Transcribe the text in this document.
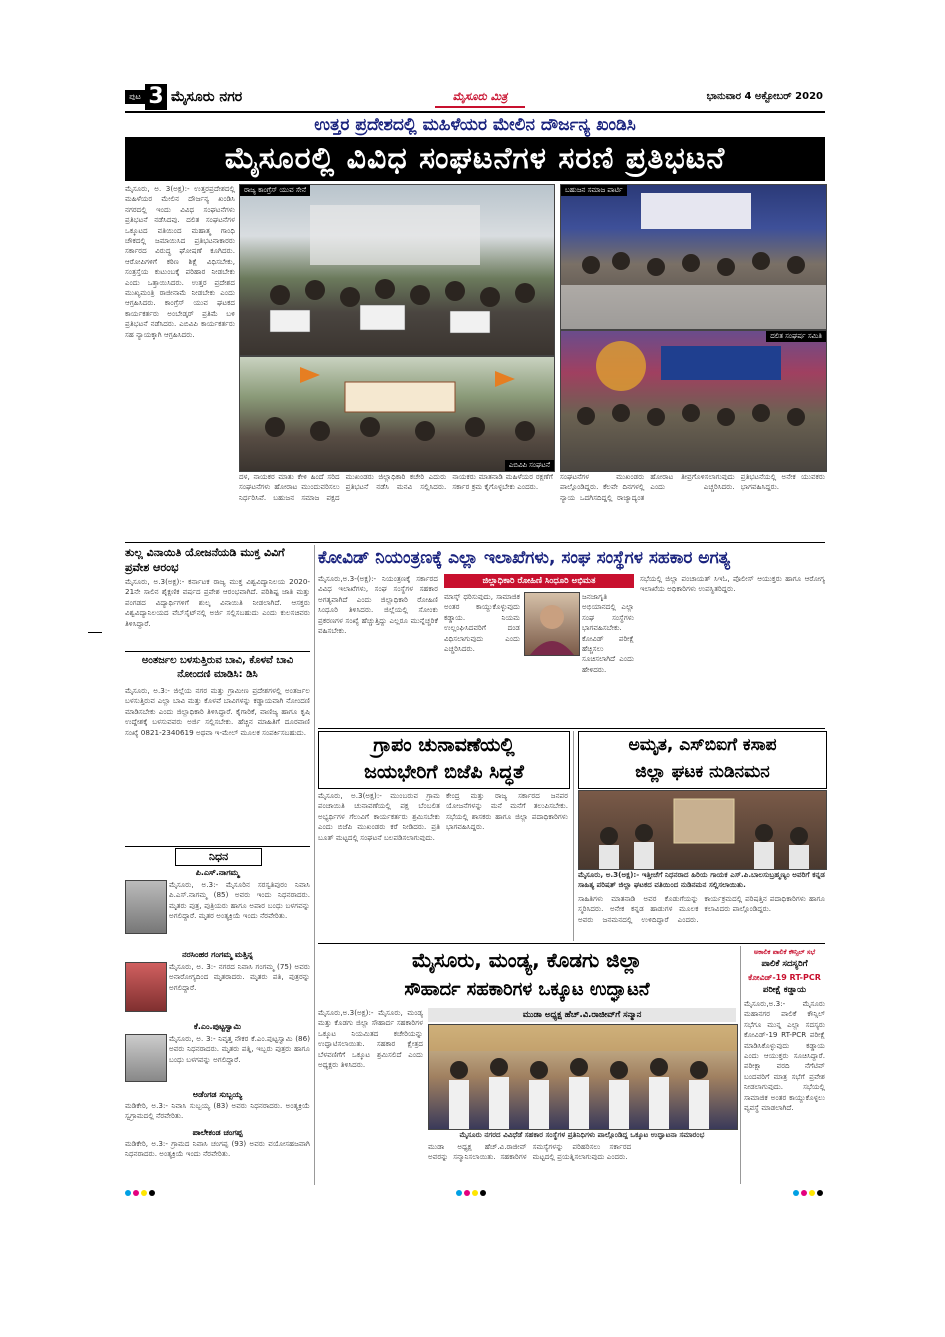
ಪುಟ 3 ಮೈಸೂರು ನಗರ	ಮೈಸೂರು ಮಿತ್ರ	ಭಾನುವಾರ 4 ಅಕ್ಟೋಬರ್ 2020
ಉತ್ತರ ಪ್ರದೇಶದಲ್ಲಿ ಮಹಿಳೆಯರ ಮೇಲಿನ ದೌರ್ಜನ್ಯ ಖಂಡಿಸಿ
ಮೈಸೂರಲ್ಲಿ ವಿವಿಧ ಸಂಘಟನೆಗಳ ಸರಣಿ ಪ್ರತಿಭಟನೆ
ಮೈಸೂರು, ಅ. 3(ಅಕ್ಷ):- ಉತ್ತರಪ್ರದೇಶದಲ್ಲಿ ಮಹಿಳೆಯರ ಮೇಲಿನ ದೌರ್ಜನ್ಯ ಖಂಡಿಸಿ ನಗರದಲ್ಲಿ ಇಂದು ವಿವಿಧ ಸಂಘಟನೆಗಳು ಪ್ರತಿಭಟನೆ ನಡೆಸಿದವು. ದಲಿತ ಸಂಘಟನೆಗಳ ಒಕ್ಕೂಟದ ವತಿಯಿಂದ ಮಹಾತ್ಮ ಗಾಂಧಿ ಚೌಕದಲ್ಲಿ ಜಮಾಯಿಸಿದ ಪ್ರತಿಭಟನಾಕಾರರು ಸರ್ಕಾರದ ವಿರುದ್ಧ ಘೋಷಣೆ ಕೂಗಿದರು. ಆರೋಪಿಗಳಿಗೆ ಕಠಿಣ ಶಿಕ್ಷೆ ವಿಧಿಸಬೇಕು, ಸಂತ್ರಸ್ತೆಯ ಕುಟುಂಬಕ್ಕೆ ಪರಿಹಾರ ನೀಡಬೇಕು ಎಂದು ಒತ್ತಾಯಿಸಿದರು. ಉತ್ತರ ಪ್ರದೇಶದ ಮುಖ್ಯಮಂತ್ರಿ ರಾಜೀನಾಮೆ ನೀಡಬೇಕು ಎಂದು ಆಗ್ರಹಿಸಿದರು. ಕಾಂಗ್ರೆಸ್ ಯುವ ಘಟಕದ ಕಾರ್ಯಕರ್ತರು ಅಂಬೇಡ್ಕರ್ ಪ್ರತಿಮೆ ಬಳಿ ಪ್ರತಿಭಟನೆ ನಡೆಸಿದರು. ಎಬಿವಿಪಿ ಕಾರ್ಯಕರ್ತರು ಸಹ ನ್ಯಾಯಕ್ಕಾಗಿ ಆಗ್ರಹಿಸಿದರು.
ರಾಜ್ಯ ಕಾಂಗ್ರೆಸ್ ಯುವ ಸೇನೆ	ಬಹುಜನ ಸಮಾಜ ಪಾರ್ಟಿ
ದಲಿತ ಸಂಘರ್ಷ ಸಮಿತಿ
ಎಬಿವಿಪಿ ಸಂಘಟನೆ
ದಳ, ನಾಯಕರ ಮಾತು ಕೇಳಿ ಹಿಂದೆ ಸರಿದ ಸಂಘಟನೆಗಳು ಹೋರಾಟ ಮುಂದುವರಿಸಲು ನಿರ್ಧರಿಸಿವೆ. ಬಹುಜನ ಸಮಾಜ ಪಕ್ಷದ ಮುಖಂಡರು ಜಿಲ್ಲಾಧಿಕಾರಿ ಕಚೇರಿ ಎದುರು ಪ್ರತಿಭಟನೆ ನಡೆಸಿ ಮನವಿ ಸಲ್ಲಿಸಿದರು. ನಾಯಕರು ಮಾತನಾಡಿ ಮಹಿಳೆಯರ ರಕ್ಷಣೆಗೆ ಸರ್ಕಾರ ಕ್ರಮ ಕೈಗೊಳ್ಳಬೇಕು ಎಂದರು.
ಸಂಘಟನೆಗಳ ಮುಖಂಡರು ಪಾಲ್ಗೊಂಡಿದ್ದರು. ಕೆಲವೇ ದಿನಗಳಲ್ಲಿ ನ್ಯಾಯ ಒದಗಿಸದಿದ್ದಲ್ಲಿ ರಾಜ್ಯಾದ್ಯಂತ ಹೋರಾಟ ತೀವ್ರಗೊಳಿಸಲಾಗುವುದು ಎಂದು ಎಚ್ಚರಿಸಿದರು. ಪ್ರತಿಭಟನೆಯಲ್ಲಿ ಅನೇಕ ಯುವಕರು ಭಾಗವಹಿಸಿದ್ದರು.
ತುಲ್ಲ ವಿನಾಯಿತಿ ಯೋಜನೆಯಡಿ ಮುಕ್ತ ವಿವಿಗೆ ಪ್ರವೇಶ ಆರಂಭ
ಮೈಸೂರು, ಅ.3(ಅಕ್ಷ):- ಕರ್ನಾಟಕ ರಾಜ್ಯ ಮುಕ್ತ ವಿಶ್ವವಿದ್ಯಾನಿಲಯ 2020-21ನೇ ಸಾಲಿನ ಶೈಕ್ಷಣಿಕ ವರ್ಷದ ಪ್ರವೇಶ ಆರಂಭವಾಗಿದೆ. ಪರಿಶಿಷ್ಟ ಜಾತಿ ಮತ್ತು ಪಂಗಡದ ವಿದ್ಯಾರ್ಥಿಗಳಿಗೆ ಶುಲ್ಕ ವಿನಾಯಿತಿ ನೀಡಲಾಗಿದೆ. ಆಸಕ್ತರು ವಿಶ್ವವಿದ್ಯಾನಿಲಯದ ವೆಬ್‌ಸೈಟ್‌ನಲ್ಲಿ ಅರ್ಜಿ ಸಲ್ಲಿಸಬಹುದು ಎಂದು ಕುಲಸಚಿವರು ತಿಳಿಸಿದ್ದಾರೆ.
ಅಂತರ್ಜಲ ಬಳಸುತ್ತಿರುವ ಬಾವಿ, ಕೊಳವೆ ಬಾವಿ ನೋಂದಣಿ ಮಾಡಿಸಿ: ಡಿಸಿ
ಮೈಸೂರು, ಅ.3:- ಜಿಲ್ಲೆಯ ನಗರ ಮತ್ತು ಗ್ರಾಮೀಣ ಪ್ರದೇಶಗಳಲ್ಲಿ ಅಂತರ್ಜಲ ಬಳಸುತ್ತಿರುವ ಎಲ್ಲಾ ಬಾವಿ ಮತ್ತು ಕೊಳವೆ ಬಾವಿಗಳನ್ನು ಕಡ್ಡಾಯವಾಗಿ ನೋಂದಣಿ ಮಾಡಿಸಬೇಕು ಎಂದು ಜಿಲ್ಲಾಧಿಕಾರಿ ತಿಳಿಸಿದ್ದಾರೆ. ಕೈಗಾರಿಕೆ, ವಾಣಿಜ್ಯ ಹಾಗೂ ಕೃಷಿ ಉದ್ದೇಶಕ್ಕೆ ಬಳಸುವವರು ಅರ್ಜಿ ಸಲ್ಲಿಸಬೇಕು. ಹೆಚ್ಚಿನ ಮಾಹಿತಿಗೆ ದೂರವಾಣಿ ಸಂಖ್ಯೆ 0821-2340619 ಅಥವಾ ಇ-ಮೇಲ್ ಮೂಲಕ ಸಂಪರ್ಕಿಸಬಹುದು.
ನಿಧನ
ಪಿ.ಎಸ್.ನಾಗಮ್ಮ
ಮೈಸೂರು, ಅ.3:- ಮೈಸೂರಿನ ಸರಸ್ವತಿಪುರಂ ನಿವಾಸಿ ಪಿ.ಎಸ್.ನಾಗಮ್ಮ (85) ಅವರು ಇಂದು ನಿಧನರಾದರು. ಮೃತರು ಪುತ್ರ, ಪುತ್ರಿಯರು ಹಾಗೂ ಅಪಾರ ಬಂಧು ಬಳಗವನ್ನು ಅಗಲಿದ್ದಾರೆ. ಮೃತರ ಅಂತ್ಯಕ್ರಿಯೆ ಇಂದು ನೆರವೇರಿತು.
ನರಸಿಂಹರ ಗಂಗಮ್ಮ ಮತ್ತಿನ್ನ
ಮೈಸೂರು, ಅ. 3:- ನಗರದ ನಿವಾಸಿ ಗಂಗಮ್ಮ (75) ಅವರು ಅನಾರೋಗ್ಯದಿಂದ ಮೃತರಾದರು. ಮೃತರು ಪತಿ, ಪುತ್ರರನ್ನು ಅಗಲಿದ್ದಾರೆ.
ಕೆ.ಎಂ.ಪುಟ್ಟಸ್ವಾಮಿ
ಮೈಸೂರು, ಅ. 3:- ನಿವೃತ್ತ ನೌಕರ ಕೆ.ಎಂ.ಪುಟ್ಟಸ್ವಾಮಿ (86) ಅವರು ನಿಧನರಾದರು. ಮೃತರು ಪತ್ನಿ, ಇಬ್ಬರು ಪುತ್ರರು ಹಾಗೂ ಬಂಧು ಬಳಗವನ್ನು ಅಗಲಿದ್ದಾರೆ.
ಅಡೆಂಗಡ ಸುಬ್ಬಯ್ಯ
ಮಡಿಕೇರಿ, ಅ.3:- ನಿವಾಸಿ ಸುಬ್ಬಯ್ಯ (83) ಅವರು ನಿಧನರಾದರು. ಅಂತ್ಯಕ್ರಿಯೆ ಸ್ವಗ್ರಾಮದಲ್ಲಿ ನೆರವೇರಿತು.
ಪಾಲೇಕಂಡ ಚಂಗಪ್ಪ
ಮಡಿಕೇರಿ, ಅ.3:- ಗ್ರಾಮದ ನಿವಾಸಿ ಚಂಗಪ್ಪ (93) ಅವರು ವಯೋಸಹಜವಾಗಿ ನಿಧನರಾದರು. ಅಂತ್ಯಕ್ರಿಯೆ ಇಂದು ನೆರವೇರಿತು.
ಕೋವಿಡ್ ನಿಯಂತ್ರಣಕ್ಕೆ ಎಲ್ಲಾ ಇಲಾಖೆಗಳು, ಸಂಘ ಸಂಸ್ಥೆಗಳ ಸಹಕಾರ ಅಗತ್ಯ
ಮೈಸೂರು,ಅ.3-(ಅಕ್ಷ):- ನಿಯಂತ್ರಣಕ್ಕೆ ಸರ್ಕಾರದ ವಿವಿಧ ಇಲಾಖೆಗಳು, ಸಂಘ ಸಂಸ್ಥೆಗಳ ಸಹಕಾರ ಅಗತ್ಯವಾಗಿದೆ ಎಂದು ಜಿಲ್ಲಾಧಿಕಾರಿ ರೋಹಿಣಿ ಸಿಂಧೂರಿ ತಿಳಿಸಿದರು. ಜಿಲ್ಲೆಯಲ್ಲಿ ಸೋಂಕು ಪ್ರಕರಣಗಳ ಸಂಖ್ಯೆ ಹೆಚ್ಚುತ್ತಿದ್ದು ಎಲ್ಲರೂ ಮುನ್ನೆಚ್ಚರಿಕೆ ವಹಿಸಬೇಕು.
ಜಿಲ್ಲಾಧಿಕಾರಿ ರೋಹಿಣಿ ಸಿಂಧೂರಿ ಅಭಿಮತ
ಮಾಸ್ಕ್ ಧರಿಸುವುದು, ಸಾಮಾಜಿಕ ಅಂತರ ಕಾಯ್ದುಕೊಳ್ಳುವುದು ಕಡ್ಡಾಯ. ನಿಯಮ ಉಲ್ಲಂಘಿಸಿದವರಿಗೆ ದಂಡ ವಿಧಿಸಲಾಗುವುದು ಎಂದು ಎಚ್ಚರಿಸಿದರು.
ಜನಜಾಗೃತಿ ಅಭಿಯಾನದಲ್ಲಿ ಎಲ್ಲಾ ಸಂಘ ಸಂಸ್ಥೆಗಳು ಭಾಗವಹಿಸಬೇಕು. ಕೋವಿಡ್ ಪರೀಕ್ಷೆ ಹೆಚ್ಚಿಸಲು ಸೂಚಿಸಲಾಗಿದೆ ಎಂದು ಹೇಳಿದರು.
ಸಭೆಯಲ್ಲಿ ಜಿಲ್ಲಾ ಪಂಚಾಯತ್ ಸಿಇಓ, ಪೊಲೀಸ್ ಆಯುಕ್ತರು ಹಾಗೂ ಆರೋಗ್ಯ ಇಲಾಖೆಯ ಅಧಿಕಾರಿಗಳು ಉಪಸ್ಥಿತರಿದ್ದರು.
ಗ್ರಾಪಂ ಚುನಾವಣೆಯಲ್ಲಿ
ಜಯಭೇರಿಗೆ ಬಿಜೆಪಿ ಸಿದ್ಧತೆ
ಮೈಸೂರು, ಅ.3(ಅಕ್ಷ):- ಮುಂಬರುವ ಗ್ರಾಮ ಪಂಚಾಯಿತಿ ಚುನಾವಣೆಯಲ್ಲಿ ಪಕ್ಷ ಬೆಂಬಲಿತ ಅಭ್ಯರ್ಥಿಗಳ ಗೆಲುವಿಗೆ ಕಾರ್ಯಕರ್ತರು ಶ್ರಮಿಸಬೇಕು ಎಂದು ಬಿಜೆಪಿ ಮುಖಂಡರು ಕರೆ ನೀಡಿದರು. ಪ್ರತಿ ಬೂತ್ ಮಟ್ಟದಲ್ಲಿ ಸಂಘಟನೆ ಬಲಪಡಿಸಲಾಗುವುದು.
ಕೇಂದ್ರ ಮತ್ತು ರಾಜ್ಯ ಸರ್ಕಾರದ ಜನಪರ ಯೋಜನೆಗಳನ್ನು ಮನೆ ಮನೆಗೆ ತಲುಪಿಸಬೇಕು. ಸಭೆಯಲ್ಲಿ ಶಾಸಕರು ಹಾಗೂ ಜಿಲ್ಲಾ ಪದಾಧಿಕಾರಿಗಳು ಭಾಗವಹಿಸಿದ್ದರು.
ಅಮೃತ, ಎಸ್‌ಬಿಐಗೆ ಕಸಾಪ
ಜಿಲ್ಲಾ ಘಟಕ ನುಡಿನಮನ
ಮೈಸೂರು, ಅ.3(ಅಕ್ಷ):- ಇತ್ತೀಚೆಗೆ ನಿಧನರಾದ ಹಿರಿಯ ಗಾಯಕ ಎಸ್.ಪಿ.ಬಾಲಸುಬ್ರಹ್ಮಣ್ಯಂ ಅವರಿಗೆ ಕನ್ನಡ ಸಾಹಿತ್ಯ ಪರಿಷತ್ ಜಿಲ್ಲಾ ಘಟಕದ ವತಿಯಿಂದ ನುಡಿನಮನ ಸಲ್ಲಿಸಲಾಯಿತು.
ಸಾಹಿತಿಗಳು ಮಾತನಾಡಿ ಅವರ ಕೊಡುಗೆಯನ್ನು ಸ್ಮರಿಸಿದರು. ಅನೇಕ ಕನ್ನಡ ಹಾಡುಗಳ ಮೂಲಕ ಅವರು ಜನಮನದಲ್ಲಿ ಉಳಿದಿದ್ದಾರೆ ಎಂದರು. ಕಾರ್ಯಕ್ರಮದಲ್ಲಿ ಪರಿಷತ್ತಿನ ಪದಾಧಿಕಾರಿಗಳು ಹಾಗೂ ಕಲಾವಿದರು ಪಾಲ್ಗೊಂಡಿದ್ದರು.
ಮೈಸೂರು, ಮಂಡ್ಯ, ಕೊಡಗು ಜಿಲ್ಲಾ
ಸೌಹಾರ್ದ ಸಹಕಾರಿಗಳ ಒಕ್ಕೂಟ ಉದ್ಘಾಟನೆ
ಮೈಸೂರು,ಅ.3(ಅಕ್ಷ):- ಮೈಸೂರು, ಮಂಡ್ಯ ಮತ್ತು ಕೊಡಗು ಜಿಲ್ಲಾ ಸೌಹಾರ್ದ ಸಹಕಾರಿಗಳ ಒಕ್ಕೂಟ ನಿಯಮಿತದ ಕಚೇರಿಯನ್ನು ಉದ್ಘಾಟಿಸಲಾಯಿತು. ಸಹಕಾರ ಕ್ಷೇತ್ರದ ಬೆಳವಣಿಗೆಗೆ ಒಕ್ಕೂಟ ಶ್ರಮಿಸಲಿದೆ ಎಂದು ಅಧ್ಯಕ್ಷರು ತಿಳಿಸಿದರು.
ಮುಡಾ ಅಧ್ಯಕ್ಷ ಹೆಚ್.ವಿ.ರಾಜೀವ್‌ಗೆ ಸನ್ಮಾನ
ಮೈಸೂರು ನಗರದ ವಿವಿಧೆಡೆ ಸಹಕಾರ ಸಂಸ್ಥೆಗಳ ಪ್ರತಿನಿಧಿಗಳು ಪಾಲ್ಗೊಂಡಿದ್ದ ಒಕ್ಕೂಟ ಉದ್ಘಾಟನಾ ಸಮಾರಂಭ
ಮುಡಾ ಅಧ್ಯಕ್ಷ ಹೆಚ್.ವಿ.ರಾಜೀವ್ ಅವರನ್ನು ಸನ್ಮಾನಿಸಲಾಯಿತು. ಸಹಕಾರಿಗಳ ಸಮಸ್ಯೆಗಳನ್ನು ಪರಿಹರಿಸಲು ಸರ್ಕಾರದ ಮಟ್ಟದಲ್ಲಿ ಪ್ರಯತ್ನಿಸಲಾಗುವುದು ಎಂದರು.
ಅಕಾಲಿಕ ಪಾಲಿಕೆ ಕೌನ್ಸಿಲ್ ಸಭೆ
ಪಾಲಿಕೆ ಸದಸ್ಯರಿಗೆ
ಕೋವಿಡ್-19 RT-PCR
ಪರೀಕ್ಷೆ ಕಡ್ಡಾಯ
ಮೈಸೂರು,ಅ.3:- ಮೈಸೂರು ಮಹಾನಗರ ಪಾಲಿಕೆ ಕೌನ್ಸಿಲ್ ಸಭೆಗೂ ಮುನ್ನ ಎಲ್ಲಾ ಸದಸ್ಯರು ಕೋವಿಡ್-19 RT-PCR ಪರೀಕ್ಷೆ ಮಾಡಿಸಿಕೊಳ್ಳುವುದು ಕಡ್ಡಾಯ ಎಂದು ಆಯುಕ್ತರು ಸೂಚಿಸಿದ್ದಾರೆ. ಪರೀಕ್ಷಾ ವರದಿ ನೆಗೆಟಿವ್ ಬಂದವರಿಗೆ ಮಾತ್ರ ಸಭೆಗೆ ಪ್ರವೇಶ ನೀಡಲಾಗುವುದು. ಸಭೆಯಲ್ಲಿ ಸಾಮಾಜಿಕ ಅಂತರ ಕಾಯ್ದುಕೊಳ್ಳಲು ವ್ಯವಸ್ಥೆ ಮಾಡಲಾಗಿದೆ.
